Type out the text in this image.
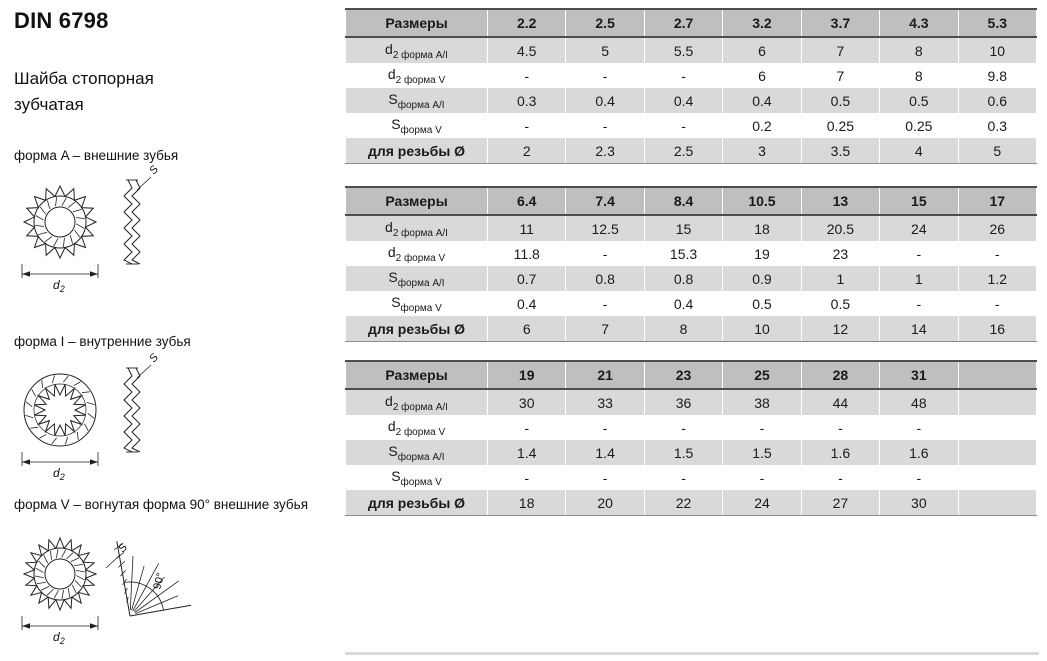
DIN 6798
Шайба стопорная зубчатая
форма A – внешние зубья
$d_2$
S
форма I – внутренние зубья
$d_2$
S
форма V – вогнутая форма 90° внешние зубья
$d_2$
90°
S
Размеры	2.2	2.5	2.7	3.2	3.7	4.3	5.3
$d_{2 форма A/I}$	4.5	5	5.5	6	7	8	10
$d_{2 форма V}$	-	-	-	6	7	8	9.8
$S_{форма A/I}$	0.3	0.4	0.4	0.4	0.5	0.5	0.6
$S_{форма V}$	-	-	-	0.2	0.25	0.25	0.3
для резьбы Ø	2	2.3	2.5	3	3.5	4	5
Размеры	6.4	7.4	8.4	10.5	13	15	17
$d_{2 форма A/I}$	11	12.5	15	18	20.5	24	26
$d_{2 форма V}$	11.8	-	15.3	19	23	-	-
$S_{форма A/I}$	0.7	0.8	0.8	0.9	1	1	1.2
$S_{форма V}$	0.4	-	0.4	0.5	0.5	-	-
для резьбы Ø	6	7	8	10	12	14	16
Размеры	19	21	23	25	28	31	
$d_{2 форма A/I}$	30	33	36	38	44	48	
$d_{2 форма V}$	-	-	-	-	-	-	
$S_{форма A/I}$	1.4	1.4	1.5	1.5	1.6	1.6	
$S_{форма V}$	-	-	-	-	-	-	
для резьбы Ø	18	20	22	24	27	30	
